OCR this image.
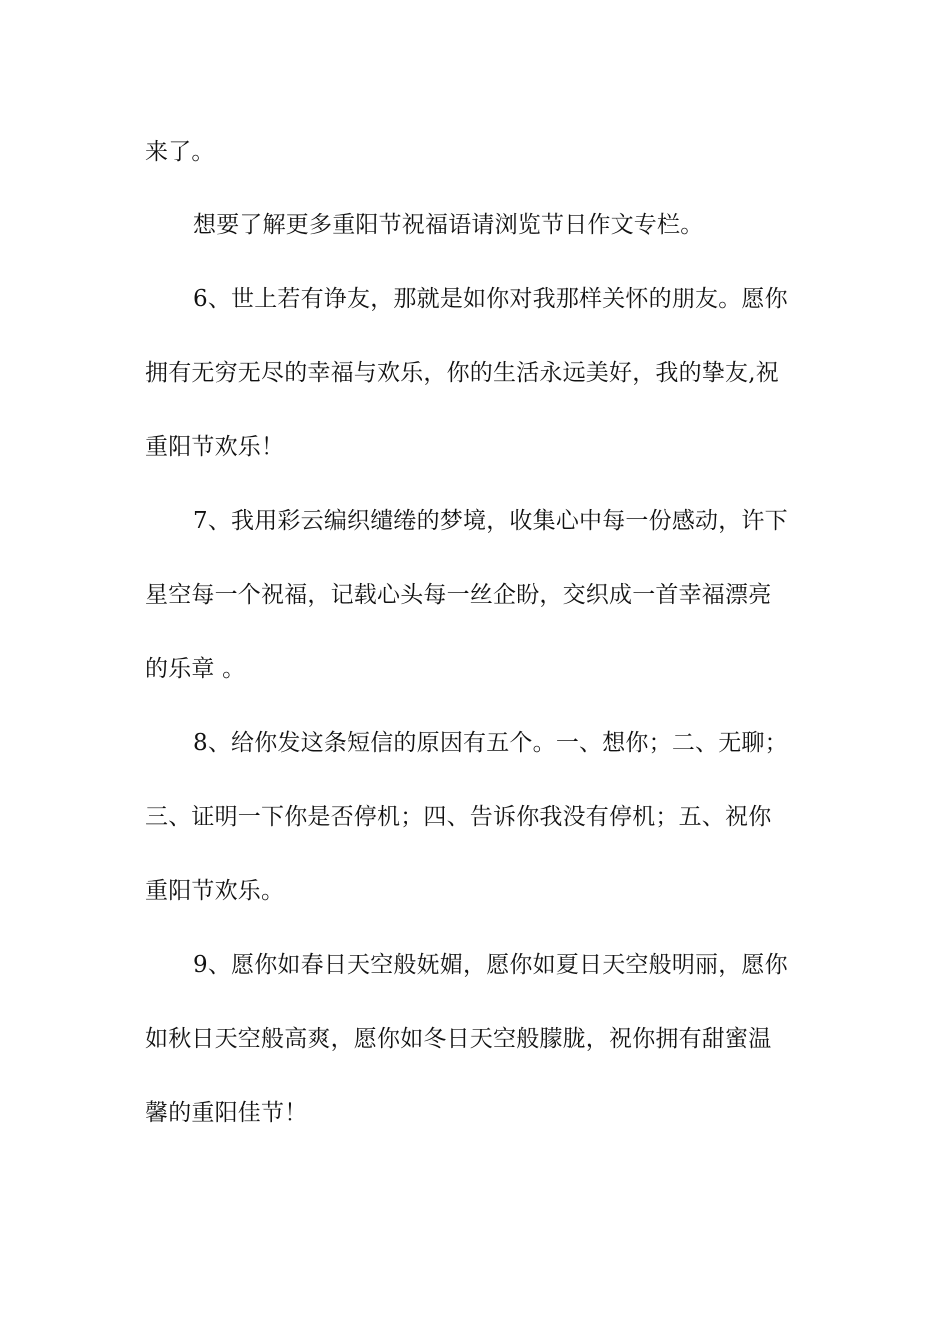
来了。
想要了解更多重阳节祝福语请浏览节日作文专栏。
6、世上若有诤友，那就是如你对我那样关怀的朋友。愿你
拥有无穷无尽的幸福与欢乐，你的生活永远美好，我的挚友,祝
重阳节欢乐！
7、我用彩云编织缱绻的梦境，收集心中每一份感动，许下
星空每一个祝福，记载心头每一丝企盼，交织成一首幸福漂亮
的乐章 。
8、给你发这条短信的原因有五个。一、想你；二、无聊；
三、证明一下你是否停机；四、告诉你我没有停机；五、祝你
重阳节欢乐。
9、愿你如春日天空般妩媚，愿你如夏日天空般明丽，愿你
如秋日天空般高爽，愿你如冬日天空般朦胧，祝你拥有甜蜜温
馨的重阳佳节！
